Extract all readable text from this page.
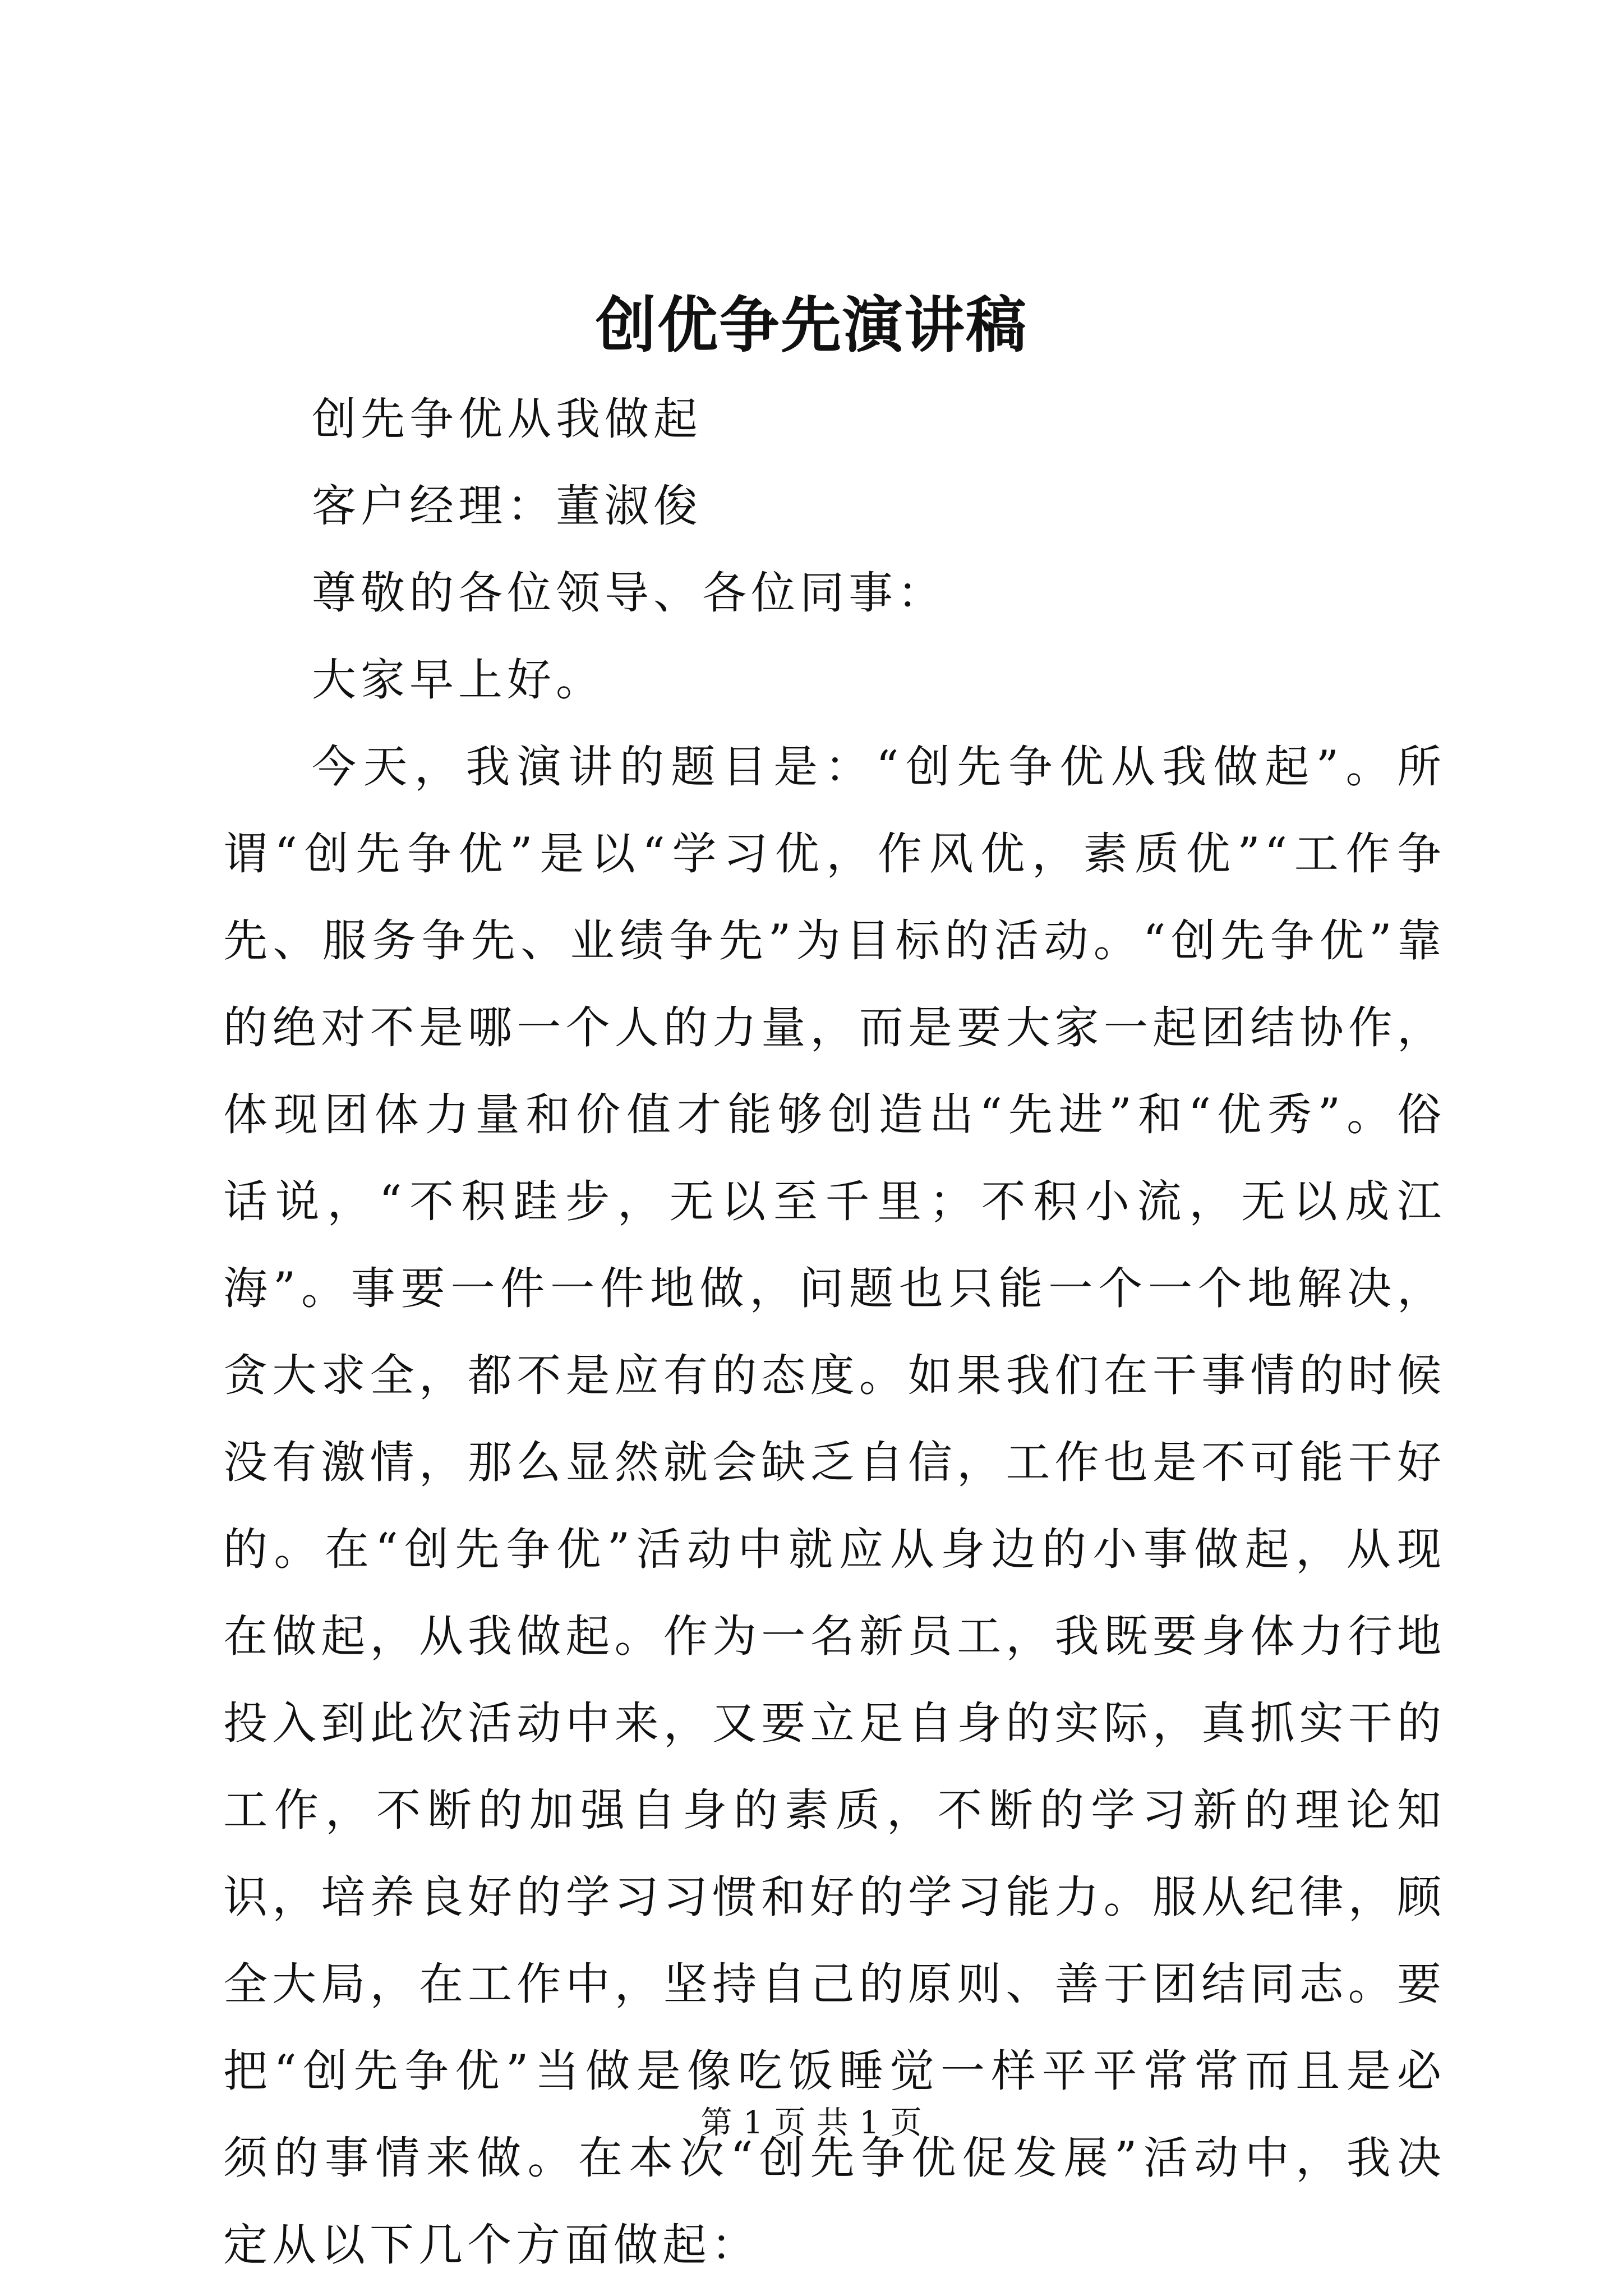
创优争先演讲稿

创先争优从我做起

客户经理：董淑俊

尊敬的各位领导、各位同事：

大家早上好。

今天，我演讲的题目是：“创先争优从我做起”。所谓“创先争优”是以“学习优，作风优，素质优”“工作争先、服务争先、业绩争先”为目标的活动。“创先争优”靠的绝对不是哪一个人的力量，而是要大家一起团结协作，体现团体力量和价值才能够创造出“先进”和“优秀”。俗话说，“不积跬步，无以至千里；不积小流，无以成江海”。事要一件一件地做，问题也只能一个一个地解决，贪大求全，都不是应有的态度。如果我们在干事情的时候没有激情，那么显然就会缺乏自信，工作也是不可能干好的。在“创先争优”活动中就应从身边的小事做起，从现在做起，从我做起。作为一名新员工，我既要身体力行地投入到此次活动中来，又要立足自身的实际，真抓实干的工作，不断的加强自身的素质，不断的学习新的理论知识，培养良好的学习习惯和好的学习能力。服从纪律，顾全大局，在工作中，坚持自己的原则、善于团结同志。要把“创先争优”当做是像吃饭睡觉一样平平常常而且是必须的事情来做。在本次“创先争优促发展”活动中，我决定从以下几个方面做起：

第 1 页 共 1 页
